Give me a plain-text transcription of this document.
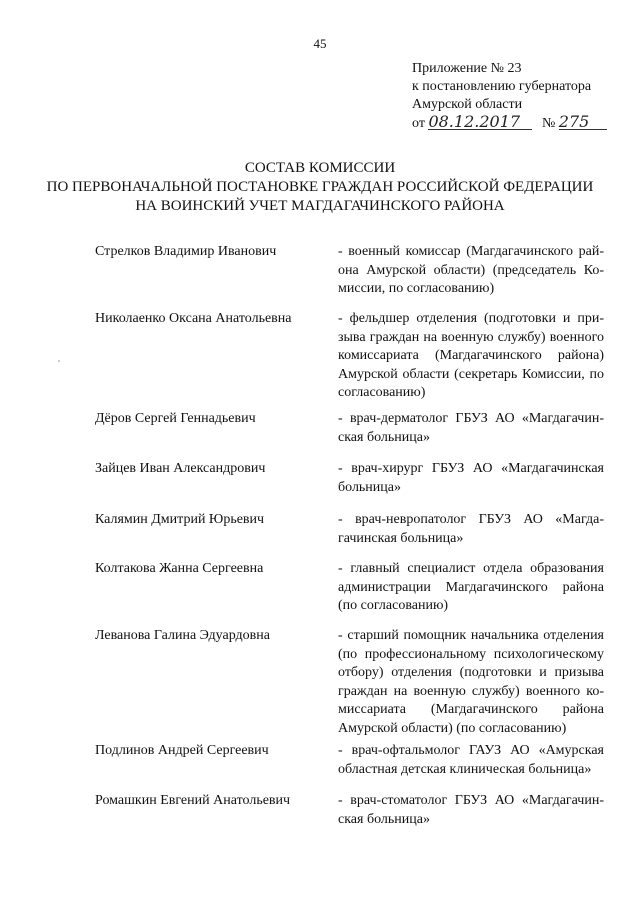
45
Приложение № 23
к постановлению губернатора
Амурской области
от 08.12.2017 № 275
СОСТАВ КОМИССИИ
ПО ПЕРВОНАЧАЛЬНОЙ ПОСТАНОВКЕ ГРАЖДАН РОССИЙСКОЙ ФЕДЕРАЦИИ
НА ВОИНСКИЙ УЧЕТ МАГДАГАЧИНСКОГО РАЙОНА
Стрелков Владимир Иванович	- военный комиссар (Магдагачинского рай-
она Амурской области) (председатель Ко-
миссии, по согласованию)
Николаенко Оксана Анатольевна	- фельдшер отделения (подготовки и при-
зыва граждан на военную службу) военного
комиссариата (Магдагачинского района)
Амурской области (секретарь Комиссии, по
согласованию)
Дёров Сергей Геннадьевич	- врач-дерматолог ГБУЗ АО «Магдагачин-
ская больница»
Зайцев Иван Александрович	- врач-хирург ГБУЗ АО «Магдагачинская
больница»
Калямин Дмитрий Юрьевич	- врач-невропатолог ГБУЗ АО «Магда-
гачинская больница»
Колтакова Жанна Сергеевна	- главный специалист отдела образования
администрации Магдагачинского района
(по согласованию)
Леванова Галина Эдуардовна	- старший помощник начальника отделения
(по профессиональному психологическому
отбору) отделения (подготовки и призыва
граждан на военную службу) военного ко-
миссариата (Магдагачинского района
Амурской области) (по согласованию)
Подлинов Андрей Сергеевич	- врач-офтальмолог ГАУЗ АО «Амурская
областная детская клиническая больница»
Ромашкин Евгений Анатольевич	- врач-стоматолог ГБУЗ АО «Магдагачин-
ская больница»
